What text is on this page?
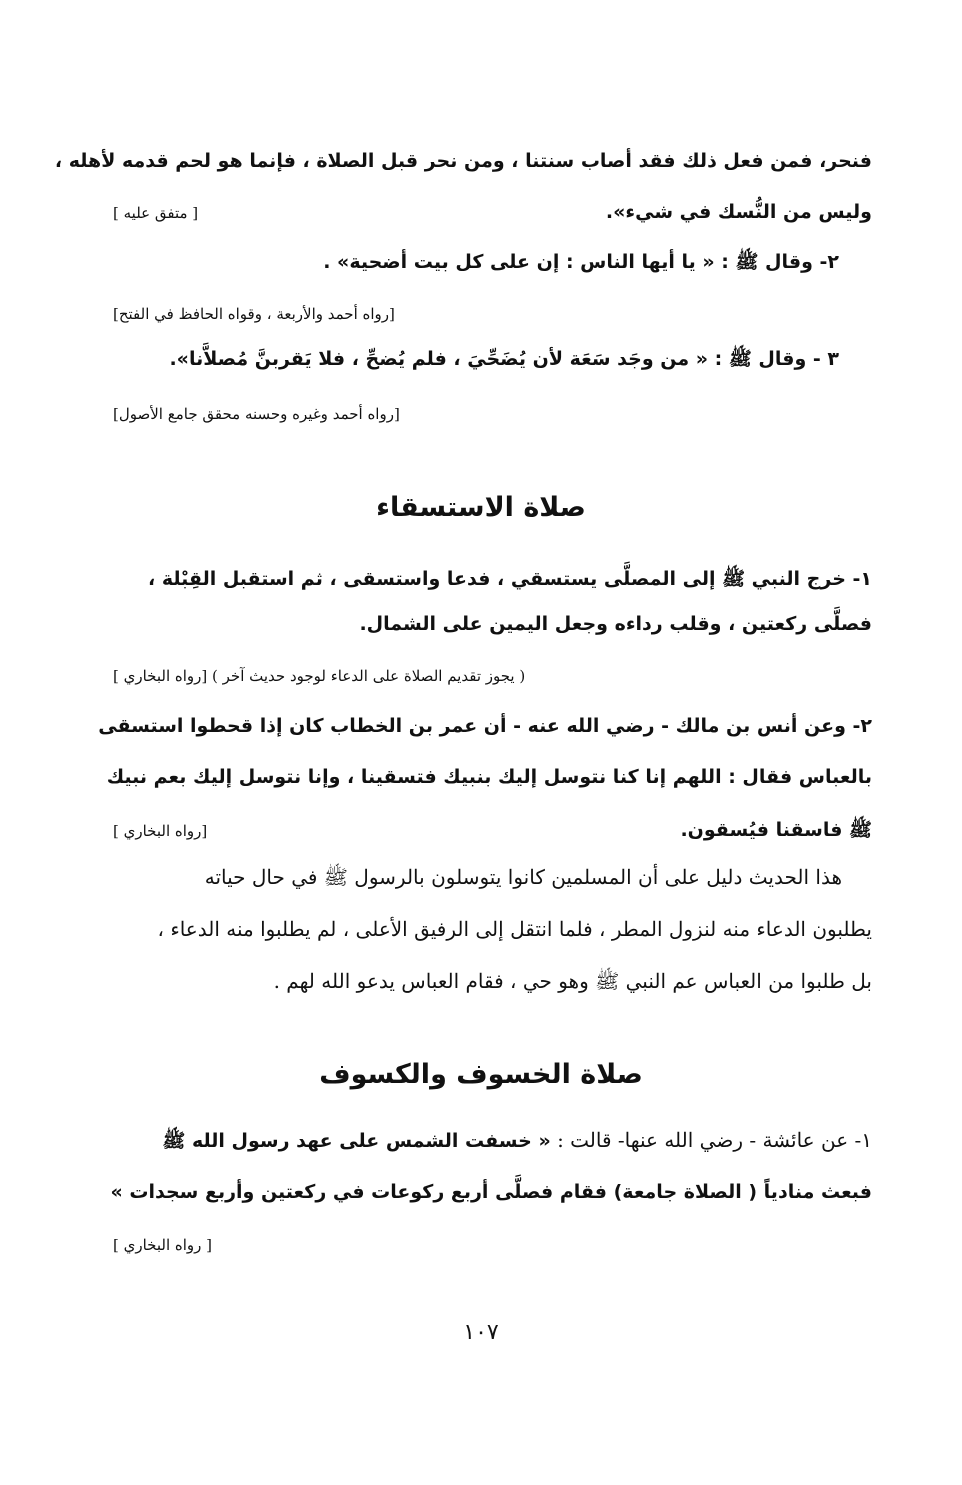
فنحر، فمن فعل ذلك فقد أصاب سنتنا ، ومن نحر قبل الصلاة ، فإنما هو لحم قدمه لأهله ،
وليس من النُّسك في شيء».
[ متفق عليه ]
٢- وقال ﷺ : « يا أيها الناس : إن على كل بيت أضحية» .
[رواه أحمد والأربعة ، وقواه الحافظ في الفتح]
٣ - وقال ﷺ : « من وجَد سَعَة لأن يُضَحِّيَ ، فلم يُضحِّ ، فلا يَقربنَّ مُصلاَّنا».
[رواه أحمد وغيره وحسنه محقق جامع الأصول]
صلاة الاستسقاء
١- خرج النبي ﷺ إلى المصلَّى يستسقي ، فدعا واستسقى ، ثم استقبل القِبْلة ،
فصلَّى ركعتين ، وقلب رداءه وجعل اليمين على الشمال.
( يجوز تقديم الصلاة على الدعاء لوجود حديث آخر ) [رواه البخاري ]
٢- وعن أنس بن مالك - رضي الله عنه - أن عمر بن الخطاب كان إذا قحطوا استسقى
بالعباس فقال : اللهم إنا كنا نتوسل إليك بنبيك فتسقينا ، وإنا نتوسل إليك بعم نبيك
ﷺ فاسقنا فيُسقون.
[رواه البخاري ]
هذا الحديث دليل على أن المسلمين كانوا يتوسلون بالرسول ﷺ في حال حياته
يطلبون الدعاء منه لنزول المطر ، فلما انتقل إلى الرفيق الأعلى ، لم يطلبوا منه الدعاء ،
بل طلبوا من العباس عم النبي ﷺ وهو حي ، فقام العباس يدعو الله لهم .
صلاة الخسوف والكسوف
١- عن عائشة - رضي الله عنها- قالت : « خسفت الشمس على عهد رسول الله ﷺ
فبعث منادياً ( الصلاة جامعة) فقام فصلَّى أربع ركوعات في ركعتين وأربع سجدات »
[ رواه البخاري ]
١٠٧
